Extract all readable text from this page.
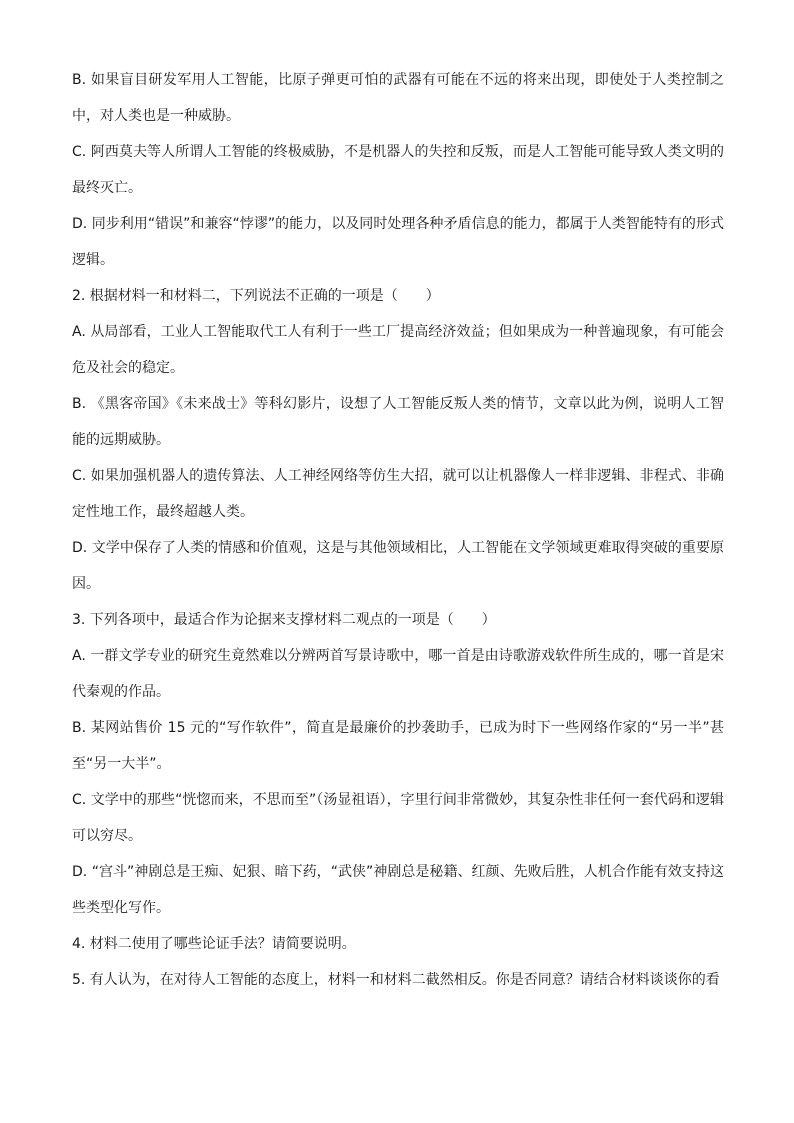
B. 如果盲目研发军用人工智能，比原子弹更可怕的武器有可能在不远的将来出现，即使处于人类控制之中，对人类也是一种威胁。

C. 阿西莫夫等人所谓人工智能的终极威胁，不是机器人的失控和反叛，而是人工智能可能导致人类文明的最终灭亡。

D. 同步利用“错误”和兼容“悖谬”的能力，以及同时处理各种矛盾信息的能力，都属于人类智能特有的形式逻辑。

2. 根据材料一和材料二，下列说法不正确的一项是（　　）

A. 从局部看，工业人工智能取代工人有利于一些工厂提高经济效益；但如果成为一种普遍现象，有可能会危及社会的稳定。

B. 《黑客帝国》《未来战士》等科幻影片，设想了人工智能反叛人类的情节，文章以此为例，说明人工智能的远期威胁。

C. 如果加强机器人的遗传算法、人工神经网络等仿生大招，就可以让机器像人一样非逻辑、非程式、非确定性地工作，最终超越人类。

D. 文学中保存了人类的情感和价值观，这是与其他领域相比，人工智能在文学领域更难取得突破的重要原因。

3. 下列各项中，最适合作为论据来支撑材料二观点的一项是（　　）

A. 一群文学专业的研究生竟然难以分辨两首写景诗歌中，哪一首是由诗歌游戏软件所生成的，哪一首是宋代秦观的作品。

B. 某网站售价 15 元的“写作软件”，简直是最廉价的抄袭助手，已成为时下一些网络作家的“另一半”甚至“另一大半”。

C. 文学中的那些“恍惚而来，不思而至”（汤显祖语），字里行间非常微妙，其复杂性非任何一套代码和逻辑可以穷尽。

D. “宫斗”神剧总是王痴、妃狠、暗下药，“武侠”神剧总是秘籍、红颜、先败后胜，人机合作能有效支持这些类型化写作。

4. 材料二使用了哪些论证手法？请简要说明。

5. 有人认为，在对待人工智能的态度上，材料一和材料二截然相反。你是否同意？请结合材料谈谈你的看
